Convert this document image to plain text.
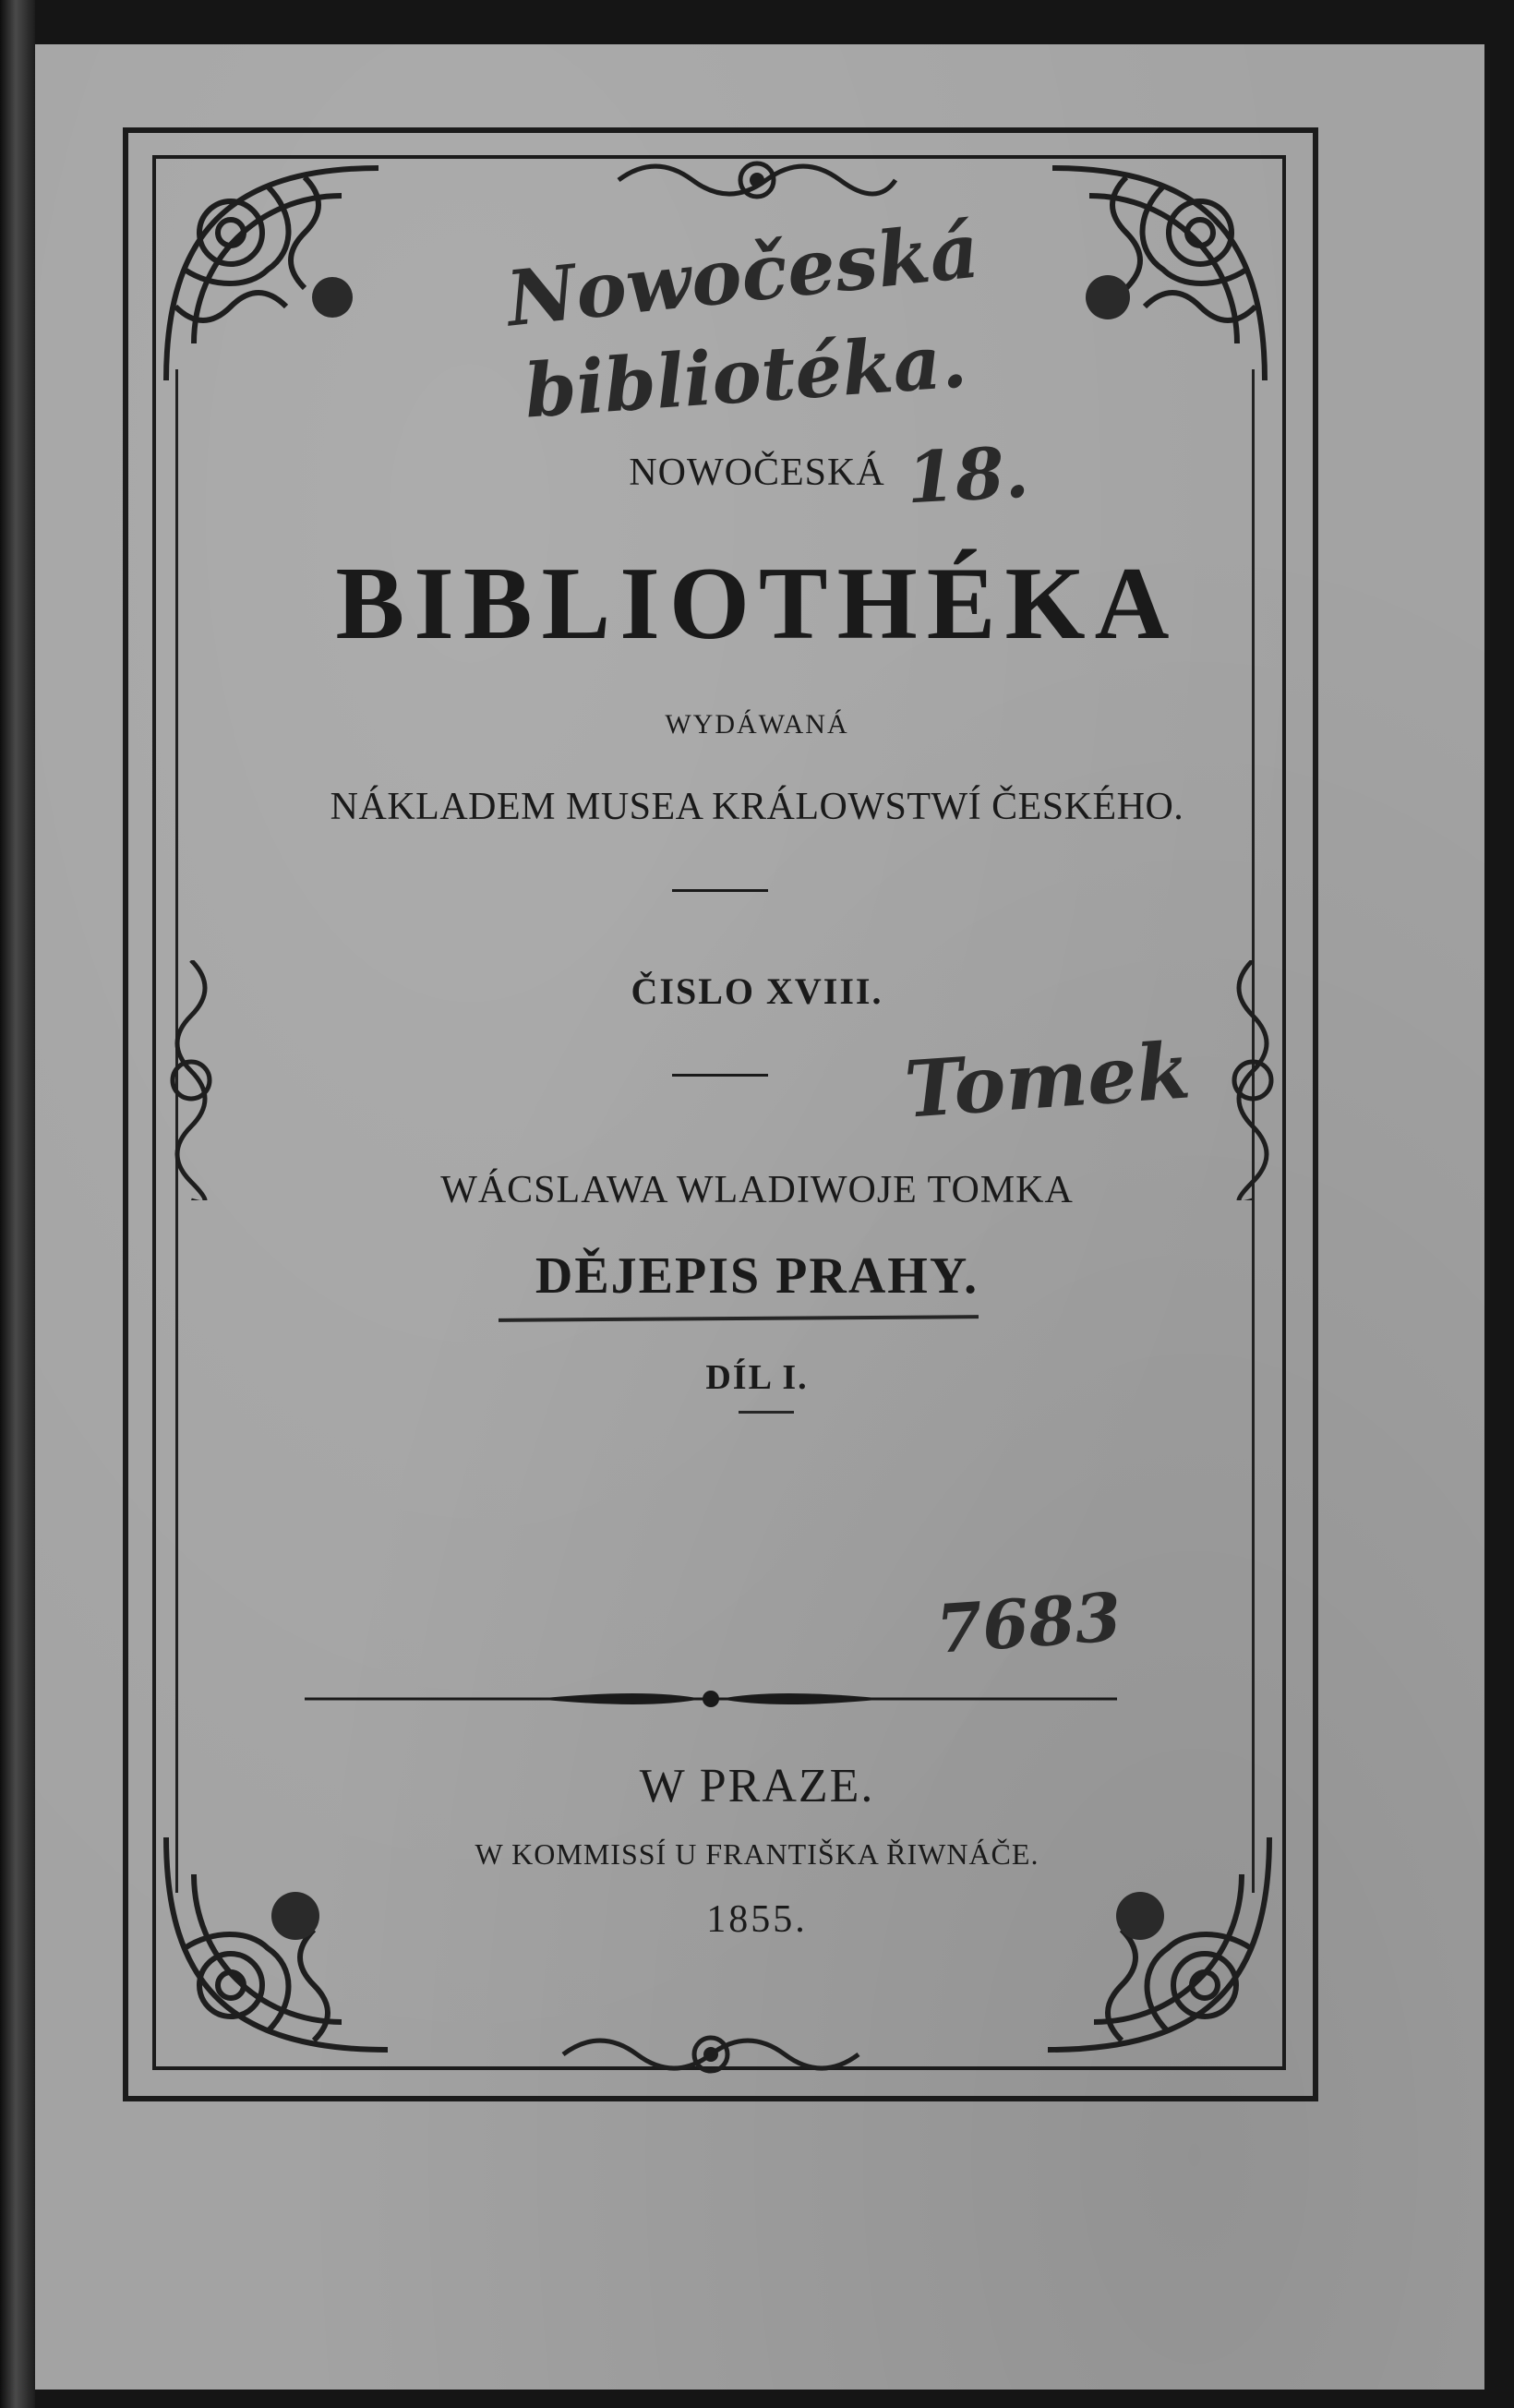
NOWOČESKÁ
BIBLIOTHÉKA
WYDÁWANÁ
NÁKLADEM MUSEA KRÁLOWSTWÍ ČESKÉHO.
ČISLO XVIII.
WÁCSLAWA WLADIWOJE TOMKA
DĚJEPIS PRAHY.
DÍL I.
W PRAZE.
W KOMMISSÍ U FRANTIŠKA ŘIWNÁČE.
1855.
Nowočeská
bibliotéka.
18.
Tomek
7683
